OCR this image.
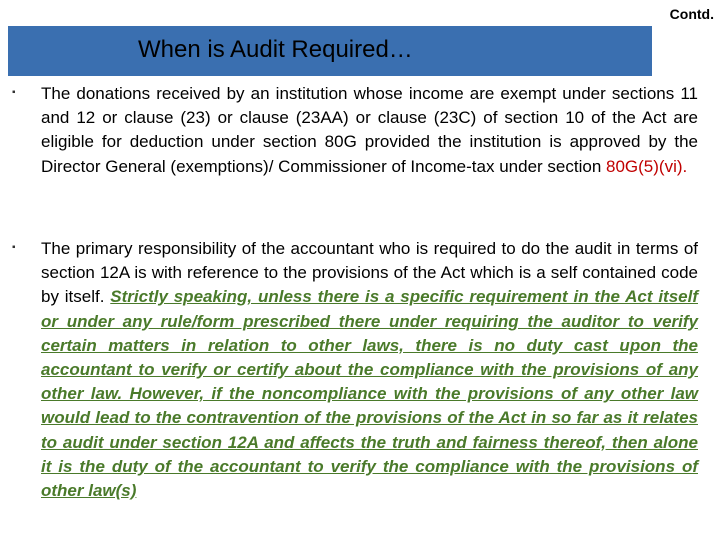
Contd.
When is Audit Required…
▪ The donations received by an institution whose income are exempt under sections 11 and 12 or clause (23) or clause (23AA) or clause (23C) of section 10 of the Act are eligible for deduction under section 80G provided the institution is approved by the Director General (exemptions)/ Commissioner of Income-tax under section 80G(5)(vi).
▪ The primary responsibility of the accountant who is required to do the audit in terms of section 12A is with reference to the provisions of the Act which is a self contained code by itself. Strictly speaking, unless there is a specific requirement in the Act itself or under any rule/form prescribed there under requiring the auditor to verify certain matters in relation to other laws, there is no duty cast upon the accountant to verify or certify about the compliance with the provisions of any other law. However, if the noncompliance with the provisions of any other law would lead to the contravention of the provisions of the Act in so far as it relates to audit under section 12A and affects the truth and fairness thereof, then alone it is the duty of the accountant to verify the compliance with the provisions of other law(s)
